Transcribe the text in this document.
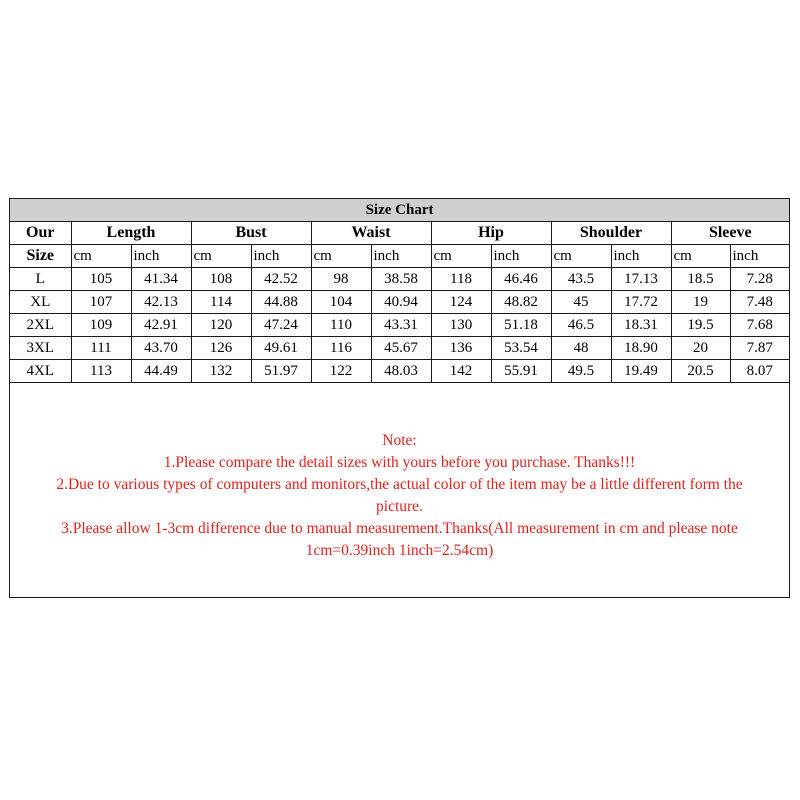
Size Chart												
Our	Length		Bust		Waist		Hip		Shoulder		Sleeve	
Size	cm	inch	cm	inch	cm	inch	cm	inch	cm	inch	cm	inch
L	105	41.34	108	42.52	98	38.58	118	46.46	43.5	17.13	18.5	7.28
XL	107	42.13	114	44.88	104	40.94	124	48.82	45	17.72	19	7.48
2XL	109	42.91	120	47.24	110	43.31	130	51.18	46.5	18.31	19.5	7.68
3XL	111	43.70	126	49.61	116	45.67	136	53.54	48	18.90	20	7.87
4XL	113	44.49	132	51.97	122	48.03	142	55.91	49.5	19.49	20.5	8.07
Note:
1.Please compare the detail sizes with yours before you purchase. Thanks!!!
2.Due to various types of computers and monitors,the actual color of the item may be a little different form the
picture.
3.Please allow 1-3cm difference due to manual measurement.Thanks(All measurement in cm and please note
1cm=0.39inch 1inch=2.54cm)
